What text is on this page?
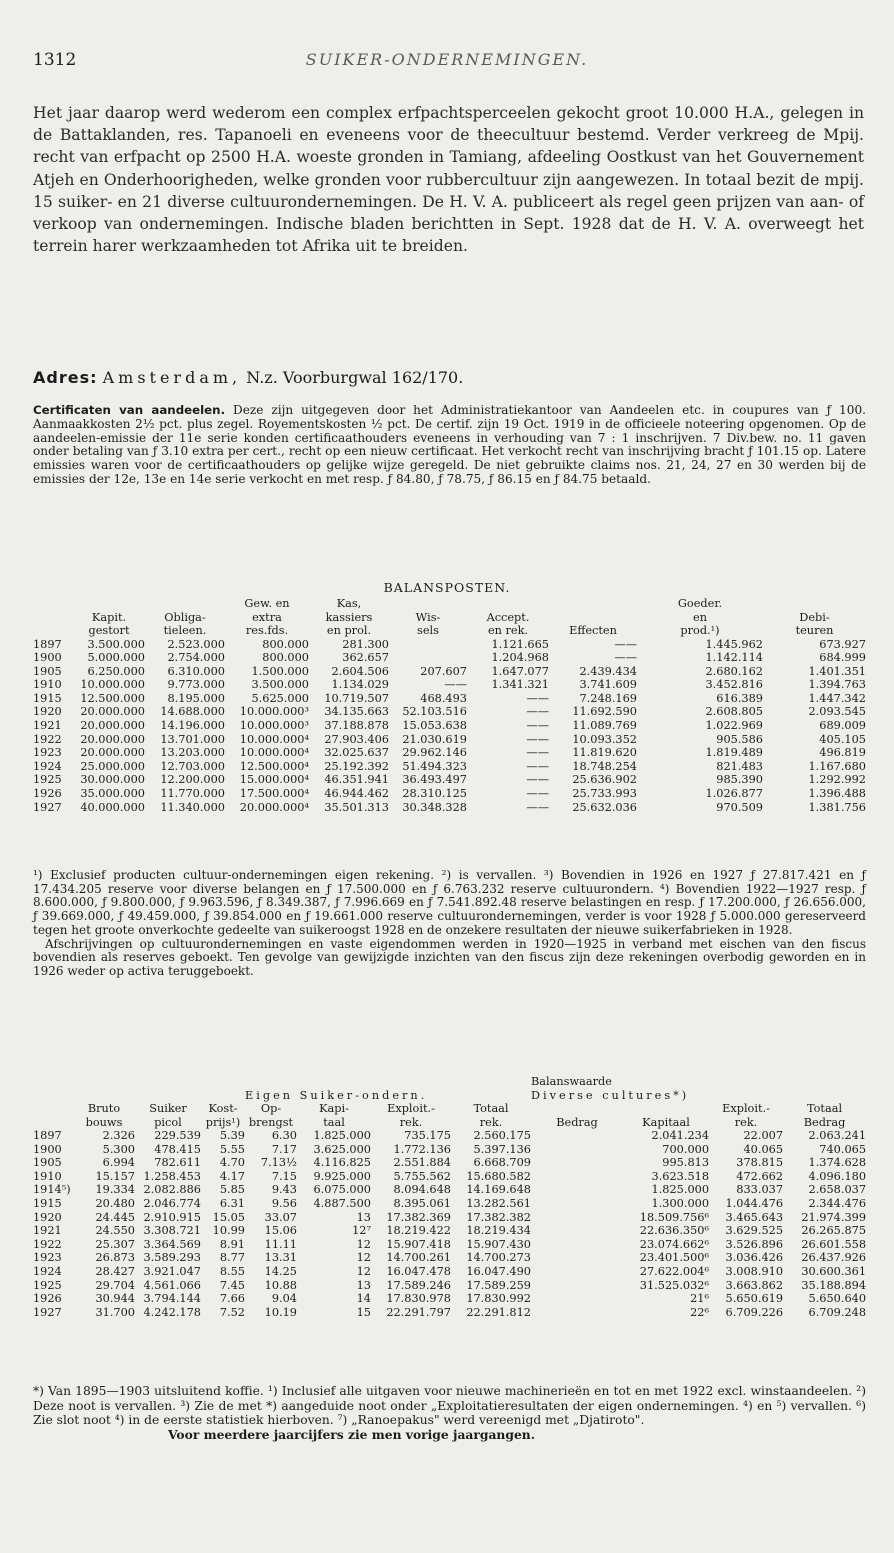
1312	SUIKER-ONDERNEMINGEN.

Het jaar daarop werd wederom een complex erfpachtsperceelen gekocht groot 10.000 H.A., gelegen in de Battaklanden, res. Tapanoeli en eveneens voor de theecultuur bestemd. Verder verkreeg de Mpij. recht van erfpacht op 2500 H.A. woeste gronden in Tamiang, afdeeling Oostkust van het Gouvernement Atjeh en Onderhoorigheden, welke gronden voor rubbercultuur zijn aangewezen. In totaal bezit de mpij. 15 suiker- en 21 diverse cultuurondernemingen. De H. V. A. publiceert als regel geen prijzen van aan- of verkoop van ondernemingen. Indische bladen berichtten in Sept. 1928 dat de H. V. A. overweegt het terrein harer werkzaamheden tot Afrika uit te breiden.

Adres: Amsterdam, N.z. Voorburgwal 162/170.

Certificaten van aandeelen. Deze zijn uitgegeven door het Administratiekantoor van Aandeelen etc. in coupures van ƒ 100. Aanmaakkosten 2½ pct. plus zegel. Royementskosten ½ pct. De certif. zijn 19 Oct. 1919 in de officieele noteering opgenomen. Op de aandeelen-emissie der 11e serie konden certificaathouders eveneens in verhouding van 7 : 1 inschrijven. 7 Div.bew. no. 11 gaven onder betaling van ƒ 3.10 extra per cert., recht op een nieuw certificaat. Het verkocht recht van inschrijving bracht ƒ 101.15 op. Latere emissies waren voor de certificaathouders op gelijke wijze geregeld. De niet gebruikte claims nos. 21, 24, 27 en 30 werden bij de emissies der 12e, 13e en 14e serie verkocht en met resp. ƒ 84.80, ƒ 78.75, ƒ 86.15 en ƒ 84.75 betaald.

BALANSPOSTEN.
			Gew. en	Kas,				Goeder.	
	Kapit.	Obliga-	extra	kassiers	Wis-	Accept.		en	Debi-
	gestort	tieleen.	res.fds.	en prol.	sels	en rek.	Effecten	prod.¹)	teuren
1897	3.500.000	2.523.000	800.000	281.300		1.121.665	——	1.445.962	673.927
1900	5.000.000	2.754.000	800.000	362.657		1.204.968	——	1.142.114	684.999
1905	6.250.000	6.310.000	1.500.000	2.604.506	207.607	1.647.077	2.439.434	2.680.162	1.401.351
1910	10.000.000	9.773.000	3.500.000	1.134.029	——	1.341.321	3.741.609	3.452.816	1.394.763
1915	12.500.000	8.195.000	5.625.000	10.719.507	468.493	——	7.248.169	616.389	1.447.342
1920	20.000.000	14.688.000	10.000.000³	34.135.663	52.103.516	——	11.692.590	2.608.805	2.093.545
1921	20.000.000	14.196.000	10.000.000³	37.188.878	15.053.638	——	11.089.769	1.022.969	689.009
1922	20.000.000	13.701.000	10.000.000⁴	27.903.406	21.030.619	——	10.093.352	905.586	405.105
1923	20.000.000	13.203.000	10.000.000⁴	32.025.637	29.962.146	——	11.819.620	1.819.489	496.819
1924	25.000.000	12.703.000	12.500.000⁴	25.192.392	51.494.323	——	18.748.254	821.483	1.167.680
1925	30.000.000	12.200.000	15.000.000⁴	46.351.941	36.493.497	——	25.636.902	985.390	1.292.992
1926	35.000.000	11.770.000	17.500.000⁴	46.944.462	28.310.125	——	25.733.993	1.026.877	1.396.488
1927	40.000.000	11.340.000	20.000.000⁴	35.501.313	30.348.328	——	25.632.036	970.509	1.381.756

¹) Exclusief producten cultuur-ondernemingen eigen rekening. ²) is vervallen. ³) Bovendien in 1926 en 1927 ƒ 27.817.421 en ƒ 17.434.205 reserve voor diverse belangen en ƒ 17.500.000 en ƒ 6.763.232 reserve cultuurondern. ⁴) Bovendien 1922—1927 resp. ƒ 8.600.000, ƒ 9.800.000, ƒ 9.963.596, ƒ 8.349.387, ƒ 7.996.669 en ƒ 7.541.892.48 reserve belastingen en resp. ƒ 17.200.000, ƒ 26.656.000, ƒ 39.669.000, ƒ 49.459.000, ƒ 39.854.000 en ƒ 19.661.000 reserve cultuurondernemingen, verder is voor 1928 ƒ 5.000.000 gereserveerd tegen het groote onverkochte gedeelte van suikeroogst 1928 en de onzekere resultaten der nieuwe suikerfabrieken in 1928.

Afschrijvingen op cultuurondernemingen en vaste eigendommen werden in 1920—1925 in verband met eischen van den fiscus bovendien als reserves geboekt. Ten gevolge van gewijzigde inzichten van den fiscus zijn deze rekeningen overbodig geworden en in 1926 weder op activa teruggeboekt.

								Balanswaarde			
				Eigen Suiker-ondern.				Diverse cultures*)			
	Bruto	Suiker	Kost-	Op-	Kapi-	Exploit.-	Totaal			Exploit.-	Totaal
	bouws	picol	prijs¹)	brengst	taal	rek.	rek.	Bedrag	Kapitaal	rek.	Bedrag
1897	2.326	229.539	5.39	6.30	1.825.000	735.175	2.560.175		2.041.234	22.007	2.063.241
1900	5.300	478.415	5.55	7.17	3.625.000	1.772.136	5.397.136		700.000	40.065	740.065
1905	6.994	782.611	4.70	7.13½	4.116.825	2.551.884	6.668.709		995.813	378.815	1.374.628
1910	15.157	1.258.453	4.17	7.15	9.925.000	5.755.562	15.680.582		3.623.518	472.662	4.096.180
1914⁵)	19.334	2.082.886	5.85	9.43	6.075.000	8.094.648	14.169.648		1.825.000	833.037	2.658.037
1915	20.480	2.046.774	6.31	9.56	4.887.500	8.395.061	13.282.561		1.300.000	1.044.476	2.344.476
1920	24.445	2.910.915	15.05	33.07	13	17.382.369	17.382.382		18.509.756⁶	3.465.643	21.974.399
1921	24.550	3.308.721	10.99	15.06	12⁷	18.219.422	18.219.434		22.636.350⁶	3.629.525	26.265.875
1922	25.307	3.364.569	8.91	11.11	12	15.907.418	15.907.430		23.074.662⁶	3.526.896	26.601.558
1923	26.873	3.589.293	8.77	13.31	12	14.700.261	14.700.273		23.401.500⁶	3.036.426	26.437.926
1924	28.427	3.921.047	8.55	14.25	12	16.047.478	16.047.490		27.622.004⁶	3.008.910	30.600.361
1925	29.704	4.561.066	7.45	10.88	13	17.589.246	17.589.259		31.525.032⁶	3.663.862	35.188.894
1926	30.944	3.794.144	7.66	9.04	14	17.830.978	17.830.992		21⁶	5.650.619	5.650.640
1927	31.700	4.242.178	7.52	10.19	15	22.291.797	22.291.812		22⁶	6.709.226	6.709.248

*) Van 1895—1903 uitsluitend koffie. ¹) Inclusief alle uitgaven voor nieuwe machinerieën en tot en met 1922 excl. winstaandeelen. ²) Deze noot is vervallen. ³) Zie de met *) aangeduide noot onder „Exploitatieresultaten der eigen ondernemingen. ⁴) en ⁵) vervallen. ⁶) Zie slot noot ⁴) in de eerste statistiek hierboven. ⁷) „Ranoepakus" werd vereenigd met „Djatiroto".

Voor meerdere jaarcijfers zie men vorige jaargangen.
